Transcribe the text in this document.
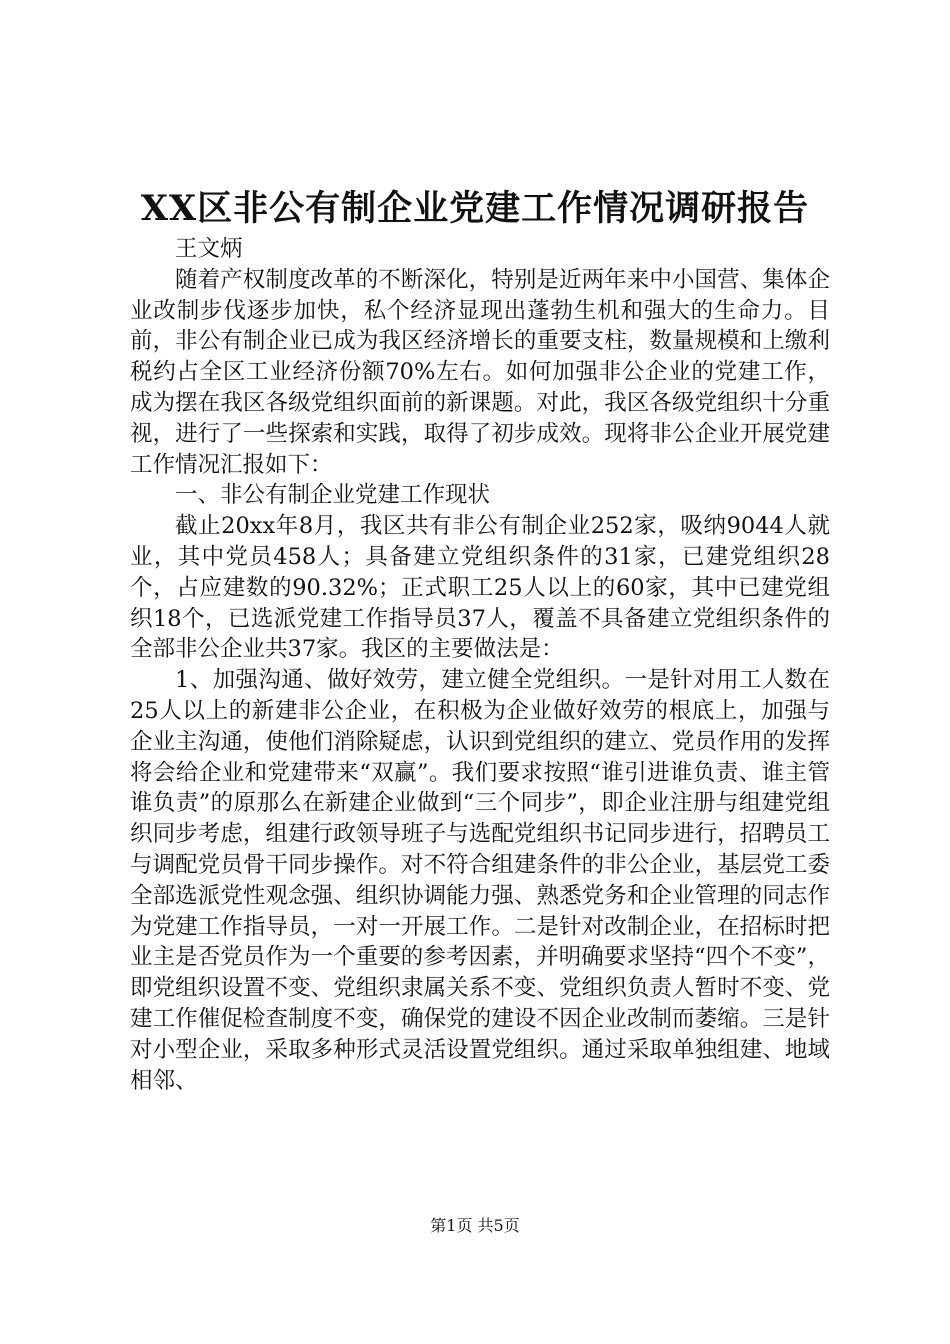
XX区非公有制企业党建工作情况调研报告

王文炳

随着产权制度改革的不断深化，特别是近两年来中小国营、集体企业改制步伐逐步加快，私个经济显现出蓬勃生机和强大的生命力。目前，非公有制企业已成为我区经济增长的重要支柱，数量规模和上缴利税约占全区工业经济份额70%左右。如何加强非公企业的党建工作，成为摆在我区各级党组织面前的新课题。对此，我区各级党组织十分重视，进行了一些探索和实践，取得了初步成效。现将非公企业开展党建工作情况汇报如下：

一、非公有制企业党建工作现状

截止20xx年8月，我区共有非公有制企业252家，吸纳9044人就业，其中党员458人；具备建立党组织条件的31家，已建党组织28个，占应建数的90.32%；正式职工25人以上的60家，其中已建党组织18个，已选派党建工作指导员37人，覆盖不具备建立党组织条件的全部非公企业共37家。我区的主要做法是：

1、加强沟通、做好效劳，建立健全党组织。一是针对用工人数在25人以上的新建非公企业，在积极为企业做好效劳的根底上，加强与企业主沟通，使他们消除疑虑，认识到党组织的建立、党员作用的发挥将会给企业和党建带来“双赢”。我们要求按照“谁引进谁负责、谁主管谁负责”的原那么在新建企业做到“三个同步”，即企业注册与组建党组织同步考虑，组建行政领导班子与选配党组织书记同步进行，招聘员工与调配党员骨干同步操作。对不符合组建条件的非公企业，基层党工委全部选派党性观念强、组织协调能力强、熟悉党务和企业管理的同志作为党建工作指导员，一对一开展工作。二是针对改制企业，在招标时把业主是否党员作为一个重要的参考因素，并明确要求坚持“四个不变”，即党组织设置不变、党组织隶属关系不变、党组织负责人暂时不变、党建工作催促检查制度不变，确保党的建设不因企业改制而萎缩。三是针对小型企业，采取多种形式灵活设置党组织。通过采取单独组建、地域相邻、

第1页 共5页
